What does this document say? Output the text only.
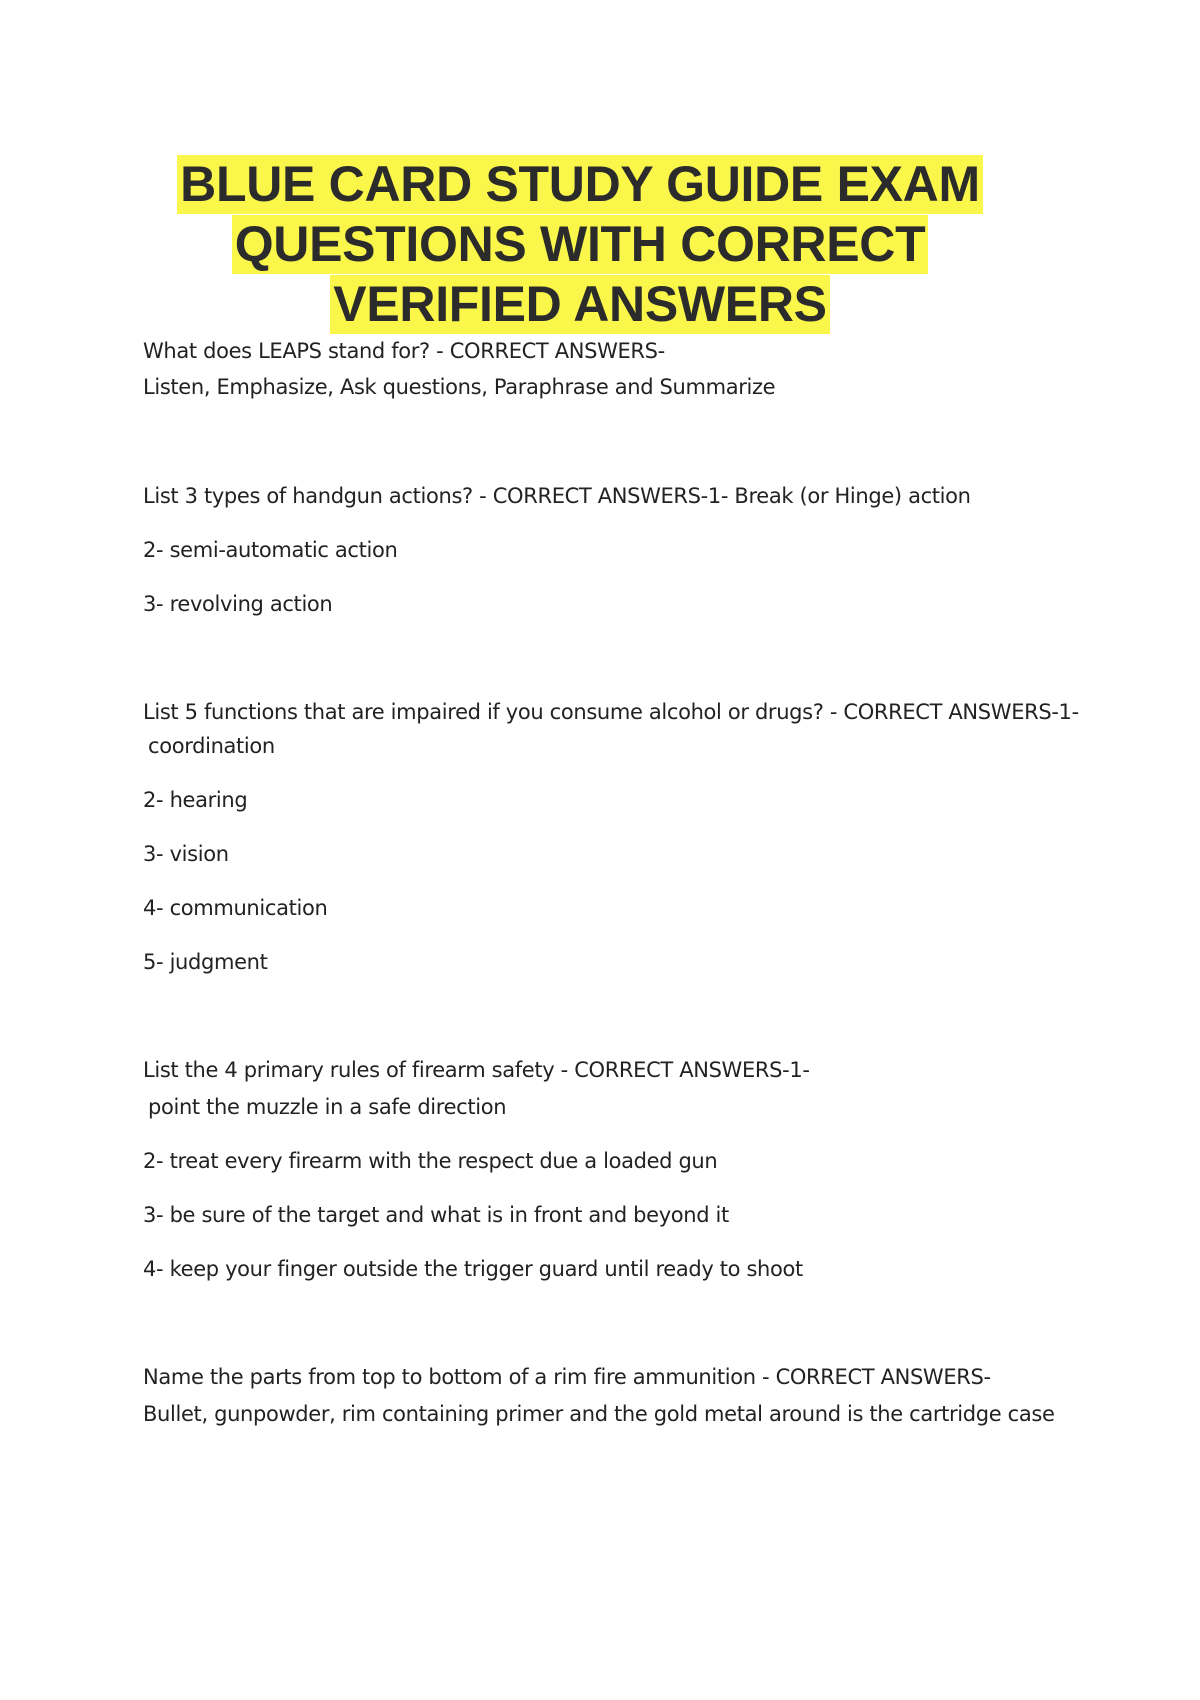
BLUE CARD STUDY GUIDE EXAM
QUESTIONS WITH CORRECT
VERIFIED ANSWERS
What does LEAPS stand for? - CORRECT ANSWERS-
Listen, Emphasize, Ask questions, Paraphrase and Summarize
List 3 types of handgun actions? - CORRECT ANSWERS-1- Break (or Hinge) action
2- semi-automatic action
3- revolving action
List 5 functions that are impaired if you consume alcohol or drugs? - CORRECT ANSWERS-1-
coordination
2- hearing
3- vision
4- communication
5- judgment
List the 4 primary rules of firearm safety - CORRECT ANSWERS-1-
point the muzzle in a safe direction
2- treat every firearm with the respect due a loaded gun
3- be sure of the target and what is in front and beyond it
4- keep your finger outside the trigger guard until ready to shoot
Name the parts from top to bottom of a rim fire ammunition - CORRECT ANSWERS-
Bullet, gunpowder, rim containing primer and the gold metal around is the cartridge case
